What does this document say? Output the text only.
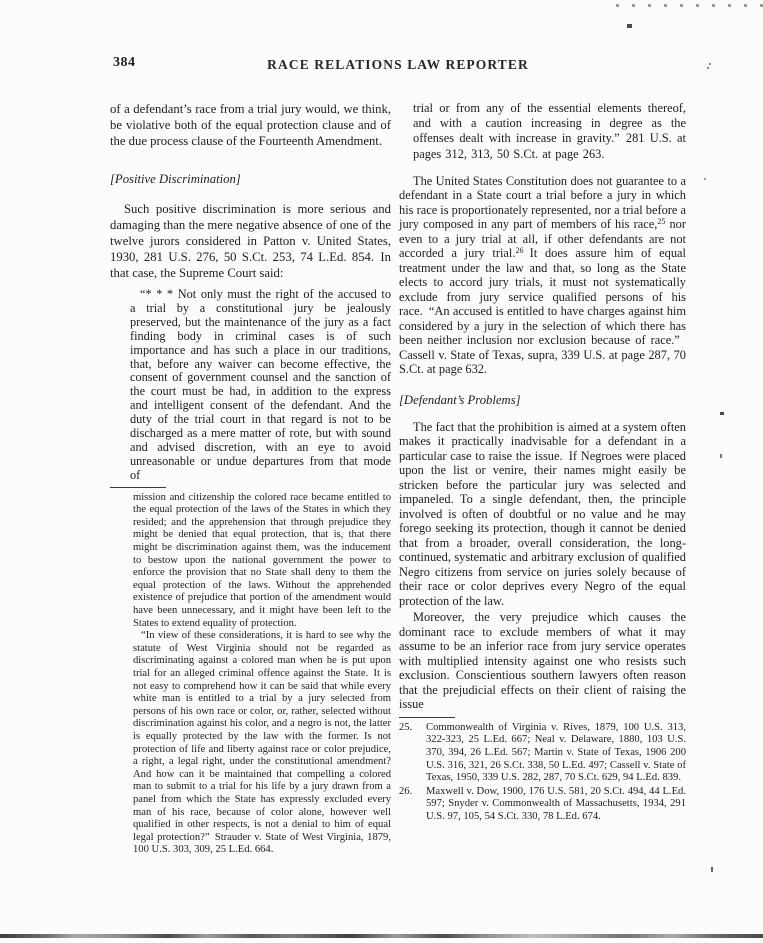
384	RACE RELATIONS LAW REPORTER

of a defendant’s race from a trial jury would, we think, be violative both of the equal protection clause and of the due process clause of the Fourteenth Amendment.

[Positive Discrimination]

Such positive discrimination is more serious and damaging than the mere negative absence of one of the twelve jurors considered in Patton v. United States, 1930, 281 U.S. 276, 50 S.Ct. 253, 74 L.Ed. 854. In that case, the Supreme Court said:

“* * * Not only must the right of the accused to a trial by a constitutional jury be jealously preserved, but the maintenance of the jury as a fact finding body in criminal cases is of such importance and has such a place in our traditions, that, before any waiver can become effective, the consent of government counsel and the sanction of the court must be had, in addition to the express and intelligent consent of the defendant. And the duty of the trial court in that regard is not to be discharged as a mere matter of rote, but with sound and advised discretion, with an eye to avoid unreasonable or undue departures from that mode of

mission and citizenship the colored race became entitled to the equal protection of the laws of the States in which they resided; and the apprehension that through prejudice they might be denied that equal protection, that is, that there might be discrimination against them, was the inducement to bestow upon the national government the power to enforce the provision that no State shall deny to them the equal protection of the laws. Without the apprehended existence of prejudice that portion of the amendment would have been unnecessary, and it might have been left to the States to extend equality of protection.

“In view of these considerations, it is hard to see why the statute of West Virginia should not be regarded as discriminating against a colored man when he is put upon trial for an alleged criminal offence against the State. It is not easy to comprehend how it can be said that while every white man is entitled to a trial by a jury selected from persons of his own race or color, or, rather, selected without discrimination against his color, and a negro is not, the latter is equally protected by the law with the former. Is not protection of life and liberty against race or color prejudice, a right, a legal right, under the constitutional amendment? And how can it be maintained that compelling a colored man to submit to a trial for his life by a jury drawn from a panel from which the State has expressly excluded every man of his race, because of color alone, however well qualified in other respects, is not a denial to him of equal legal protection?” Strauder v. State of West Virginia, 1879, 100 U.S. 303, 309, 25 L.Ed. 664.

trial or from any of the essential elements thereof, and with a caution increasing in degree as the offenses dealt with increase in gravity.” 281 U.S. at pages 312, 313, 50 S.Ct. at page 263.

The United States Constitution does not guarantee to a defendant in a State court a trial before a jury in which his race is proportionately represented, nor a trial before a jury composed in any part of members of his race,$^{25}$ nor even to a jury trial at all, if other defendants are not accorded a jury trial.$^{26}$ It does assure him of equal treatment under the law and that, so long as the State elects to accord jury trials, it must not systematically exclude from jury service qualified persons of his race. “An accused is entitled to have charges against him considered by a jury in the selection of which there has been neither inclusion nor exclusion because of race.” Cassell v. State of Texas, supra, 339 U.S. at page 287, 70 S.Ct. at page 632.

[Defendant’s Problems]

The fact that the prohibition is aimed at a system often makes it practically inadvisable for a defendant in a particular case to raise the issue. If Negroes were placed upon the list or venire, their names might easily be stricken before the particular jury was selected and impaneled. To a single defendant, then, the principle involved is often of doubtful or no value and he may forego seeking its protection, though it cannot be denied that from a broader, overall consideration, the long-continued, systematic and arbitrary exclusion of qualified Negro citizens from service on juries solely because of their race or color deprives every Negro of the equal protection of the law.

Moreover, the very prejudice which causes the dominant race to exclude members of what it may assume to be an inferior race from jury service operates with multiplied intensity against one who resists such exclusion. Conscientious southern lawyers often reason that the prejudicial effects on their client of raising the issue

25.	Commonwealth of Virginia v. Rives, 1879, 100 U.S. 313, 322-323, 25 L.Ed. 667; Neal v. Delaware, 1880, 103 U.S. 370, 394, 26 L.Ed. 567; Martin v. State of Texas, 1906 200 U.S. 316, 321, 26 S.Ct. 338, 50 L.Ed. 497; Cassell v. State of Texas, 1950, 339 U.S. 282, 287, 70 S.Ct. 629, 94 L.Ed. 839.
26.	Maxwell v. Dow, 1900, 176 U.S. 581, 20 S.Ct. 494, 44 L.Ed. 597; Snyder v. Commonwealth of Massachusetts, 1934, 291 U.S. 97, 105, 54 S.Ct. 330, 78 L.Ed. 674.
